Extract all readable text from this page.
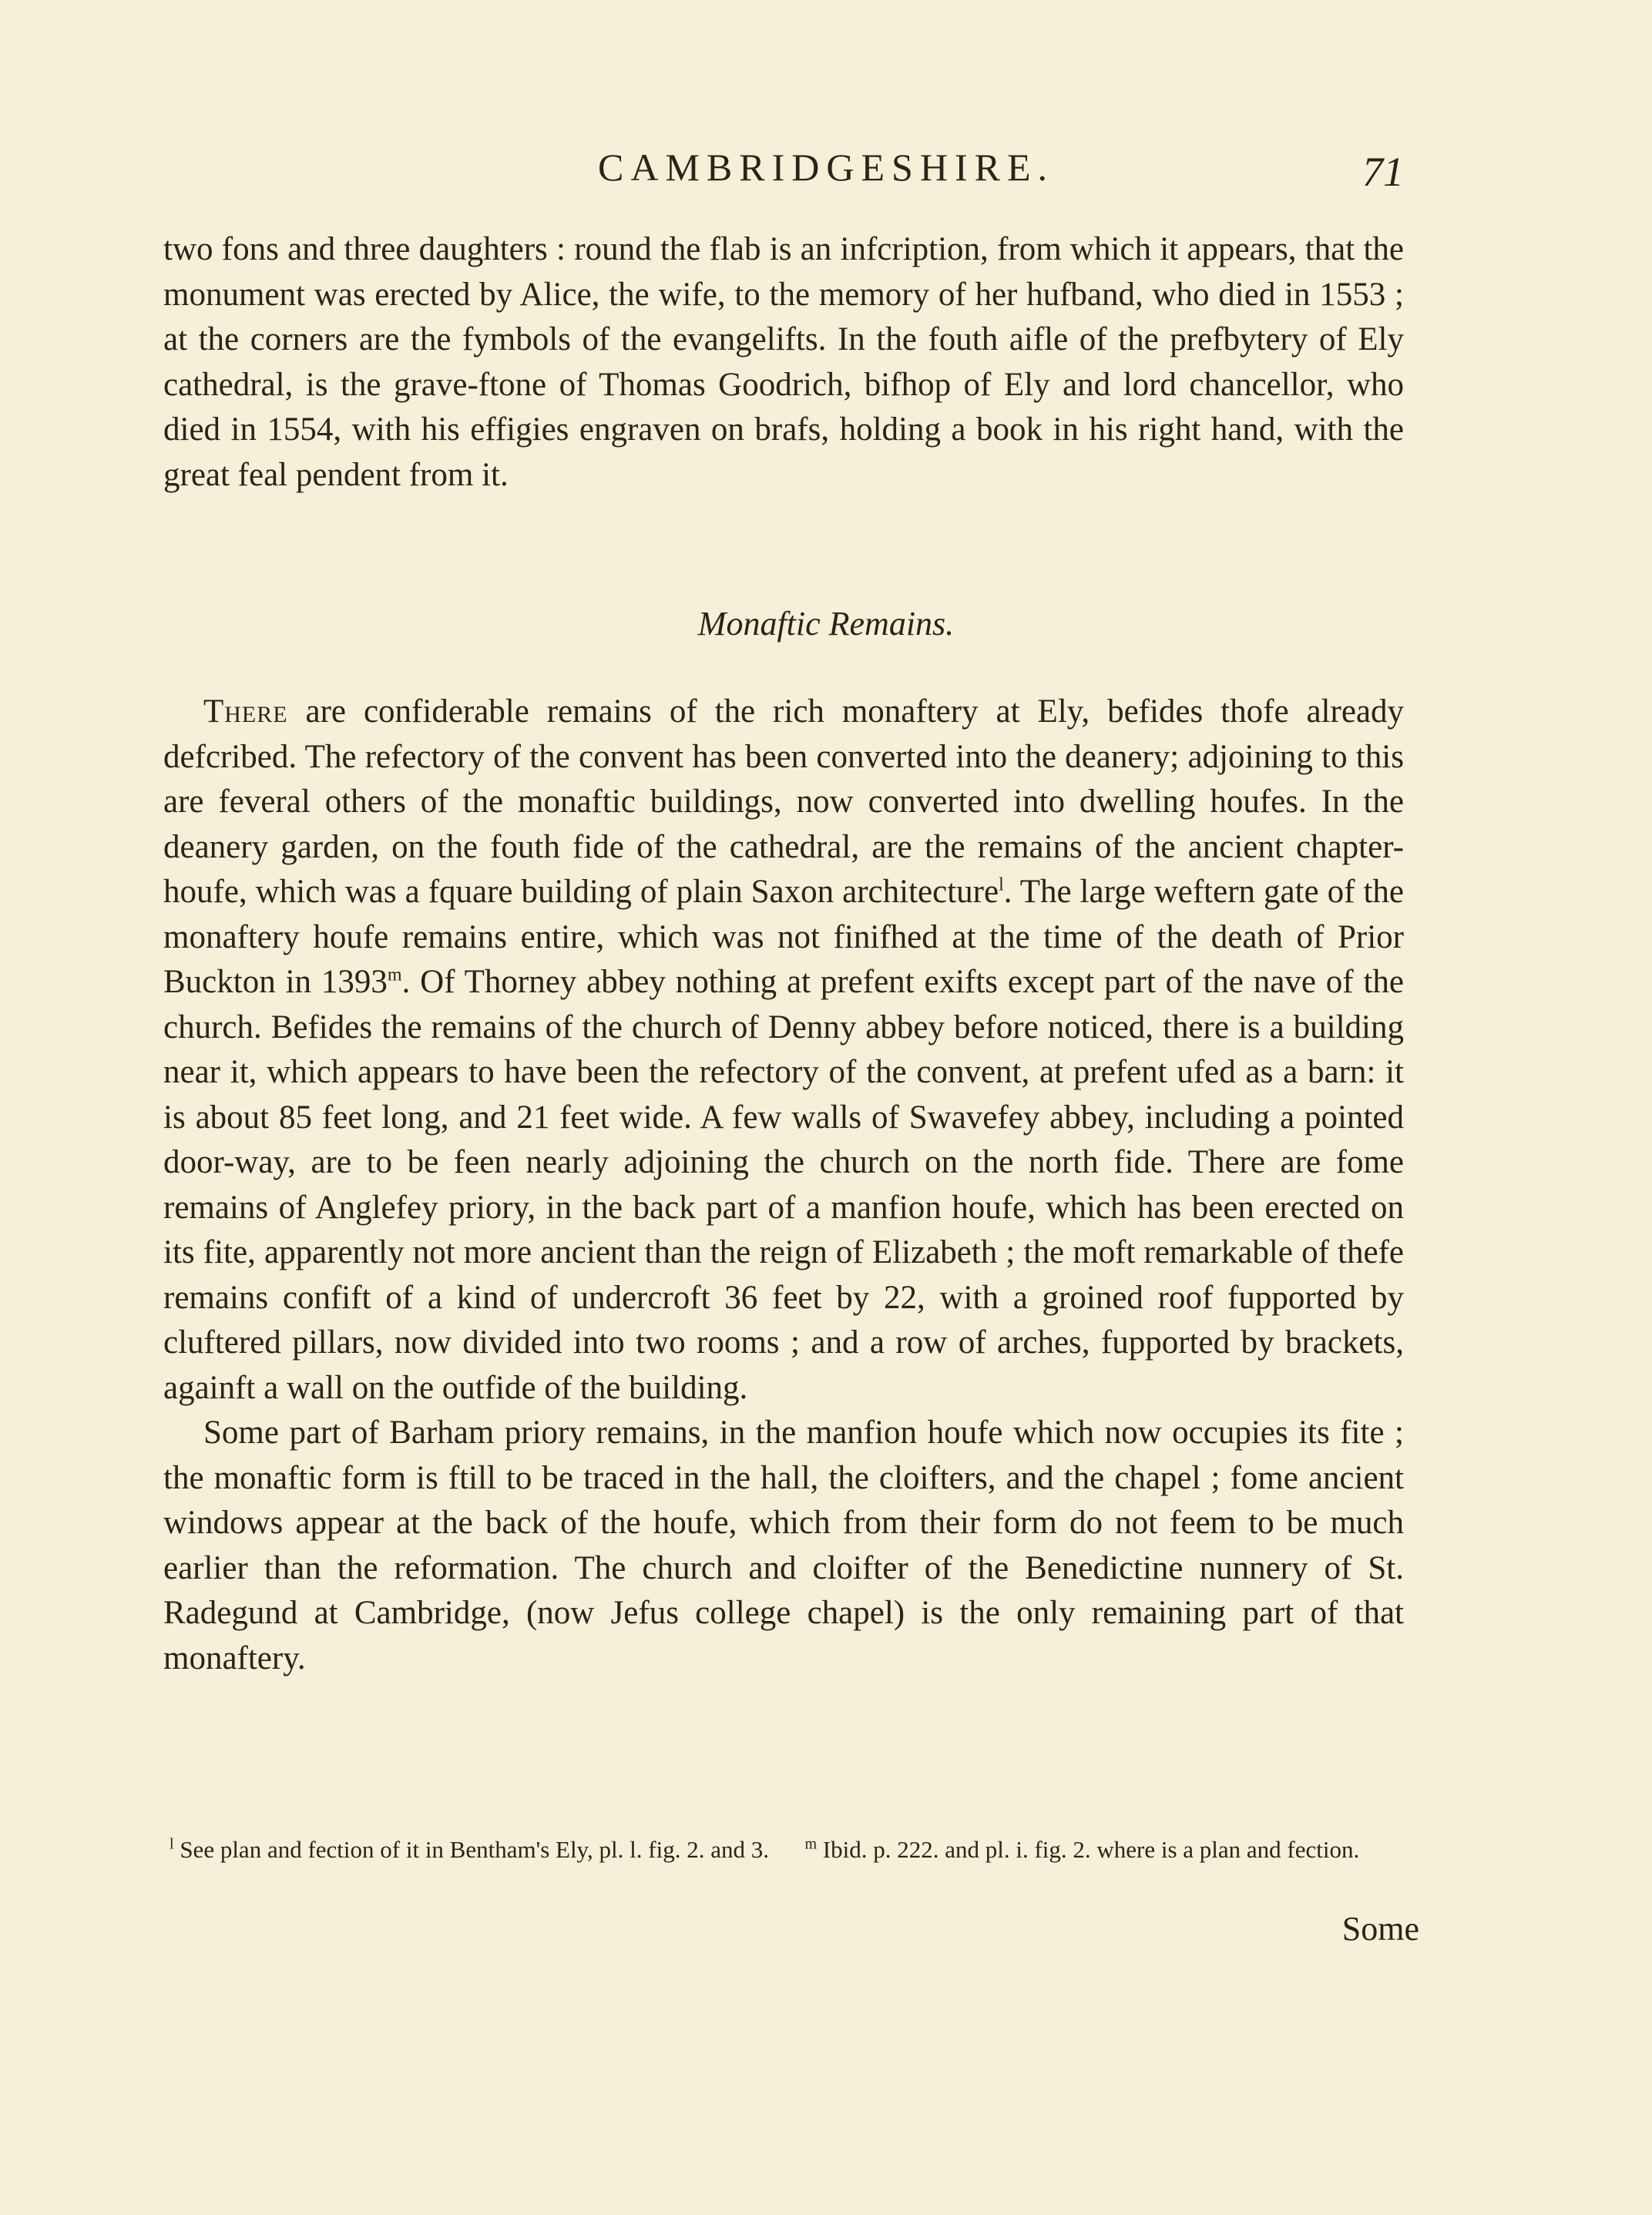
CAMBRIDGESHIRE.	71

two fons and three daughters : round the flab is an infcription, from which it appears, that the monument was erected by Alice, the wife, to the memory of her hufband, who died in 1553 ; at the corners are the fymbols of the evangelifts. In the fouth aifle of the prefbytery of Ely cathedral, is the grave-ftone of Thomas Goodrich, bifhop of Ely and lord chancellor, who died in 1554, with his effigies engraven on brafs, holding a book in his right hand, with the great feal pendent from it.

Monaftic Remains.

There are confiderable remains of the rich monaftery at Ely, befides thofe already defcribed. The refectory of the convent has been converted into the deanery; adjoining to this are feveral others of the monaftic buildings, now converted into dwelling houfes. In the deanery garden, on the fouth fide of the cathedral, are the remains of the ancient chapter-houfe, which was a fquare building of plain Saxon architecture$^l$. The large weftern gate of the monaftery houfe remains entire, which was not finifhed at the time of the death of Prior Buckton in 1393$^m$. Of Thorney abbey nothing at prefent exifts except part of the nave of the church. Befides the remains of the church of Denny abbey before noticed, there is a building near it, which appears to have been the refectory of the convent, at prefent ufed as a barn: it is about 85 feet long, and 21 feet wide. A few walls of Swavefey abbey, including a pointed door-way, are to be feen nearly adjoining the church on the north fide. There are fome remains of Anglefey priory, in the back part of a manfion houfe, which has been erected on its fite, apparently not more ancient than the reign of Elizabeth ; the moft remarkable of thefe remains confift of a kind of undercroft 36 feet by 22, with a groined roof fupported by cluftered pillars, now divided into two rooms ; and a row of arches, fupported by brackets, againft a wall on the outfide of the building.

Some part of Barham priory remains, in the manfion houfe which now occupies its fite ; the monaftic form is ftill to be traced in the hall, the cloifters, and the chapel ; fome ancient windows appear at the back of the houfe, which from their form do not feem to be much earlier than the reformation. The church and cloifter of the Benedictine nunnery of St. Radegund at Cambridge, (now Jefus college chapel) is the only remaining part of that monaftery.

$^l$ See plan and fection of it in Bentham's Ely, pl. l. fig. 2. and 3. $^m$ Ibid. p. 222. and pl. i. fig. 2. where is a plan and fection.

Some
